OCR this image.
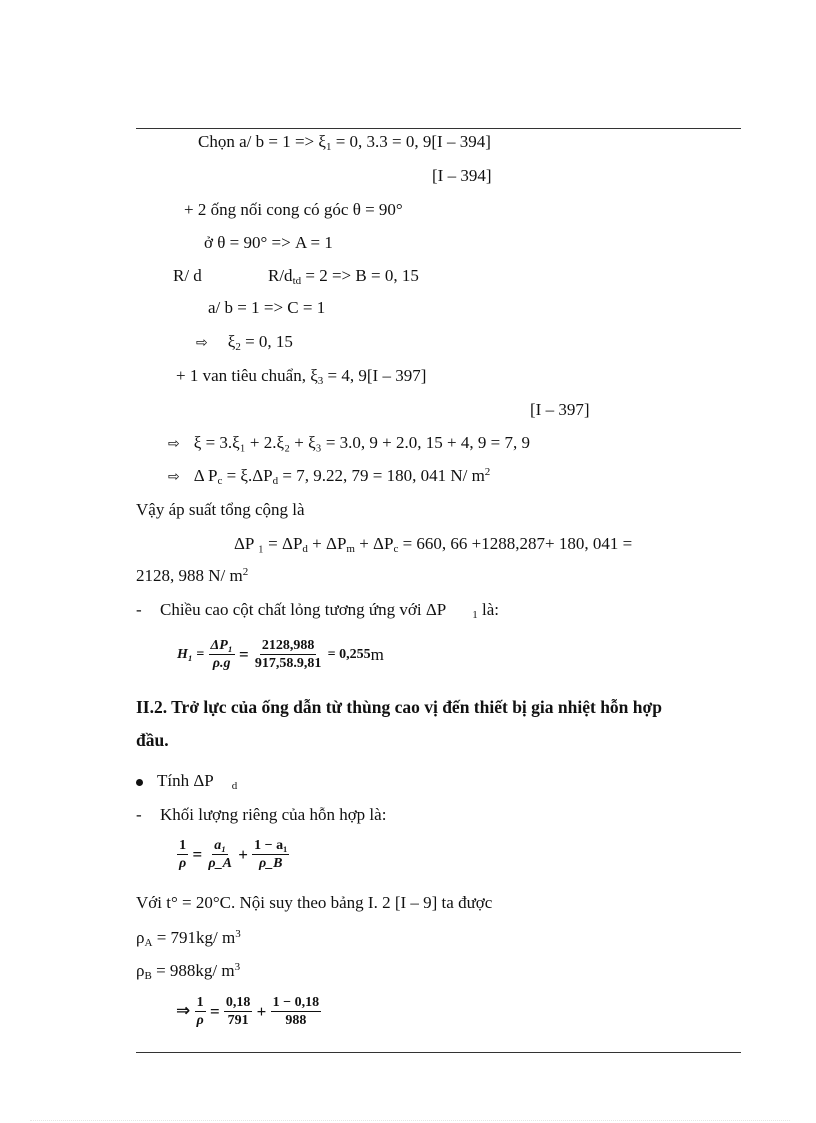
Chọn a/ $b = 1 => \xi_1 = 0$, 3.3 = 0, 9[I – 394]
[I – 394]
+ 2 ống nối cong có góc θ = 90°
ở θ = 90° => A = 1
R/ d	$R/d_{td} = 2 => B = 0$, 15
a/ b = 1 => C = 1
⇨ $\xi_2 = 0$, 15
+ 1 van tiêu chuẩn, $\xi_3 = 4$, 9[I – 397]
[I – 397]
⇨ ξ = 3.ξ₁ + 2.ξ₂ + ξ₃ = 3.0, 9 + 2.0, 15 + 4, 9 = 7, 9
⇨ Δ $P_c = \xi.\Delta P_d = 7$, 9.22, 79 = 180, 041 N/ $m^2$
Vậy áp suất tổng cộng là
ΔP $_1 = \Delta P_d + \Delta P_m + \Delta P_c = 660$, 66 +1288,287+ 180, 041 =
2128, 988 N/ $m^2$
- Chiều cao cột chất lỏng tương ứng với ΔP $_1$ là:
$H_1 = \frac{\text{ΔP₁}}{\rho.g} = \frac{2128,988}{917,58.9,81} = 0,255m$
II.2. Trở lực của ống dẫn từ thùng cao vị đến thiết bị gia nhiệt hỗn hợp
đầu.
Tính ΔP $_d$
- Khối lượng riêng của hỗn hợp là:
$\frac{1}{\rho} = \frac{\text{a₁}}{\rho\_A} + \frac{\text{1 − a₁}}{\rho\_B}$
Với t° = 20°C. Nội suy theo bảng I. 2 [I – 9] ta được
$\rho_A = 791kg/$ $m^3$
$\rho_B = 988kg/$ $m^3$
⇒ $\frac{1}{\rho} = \frac{0,18}{791} + \frac{1 - 0,18}{988}$
